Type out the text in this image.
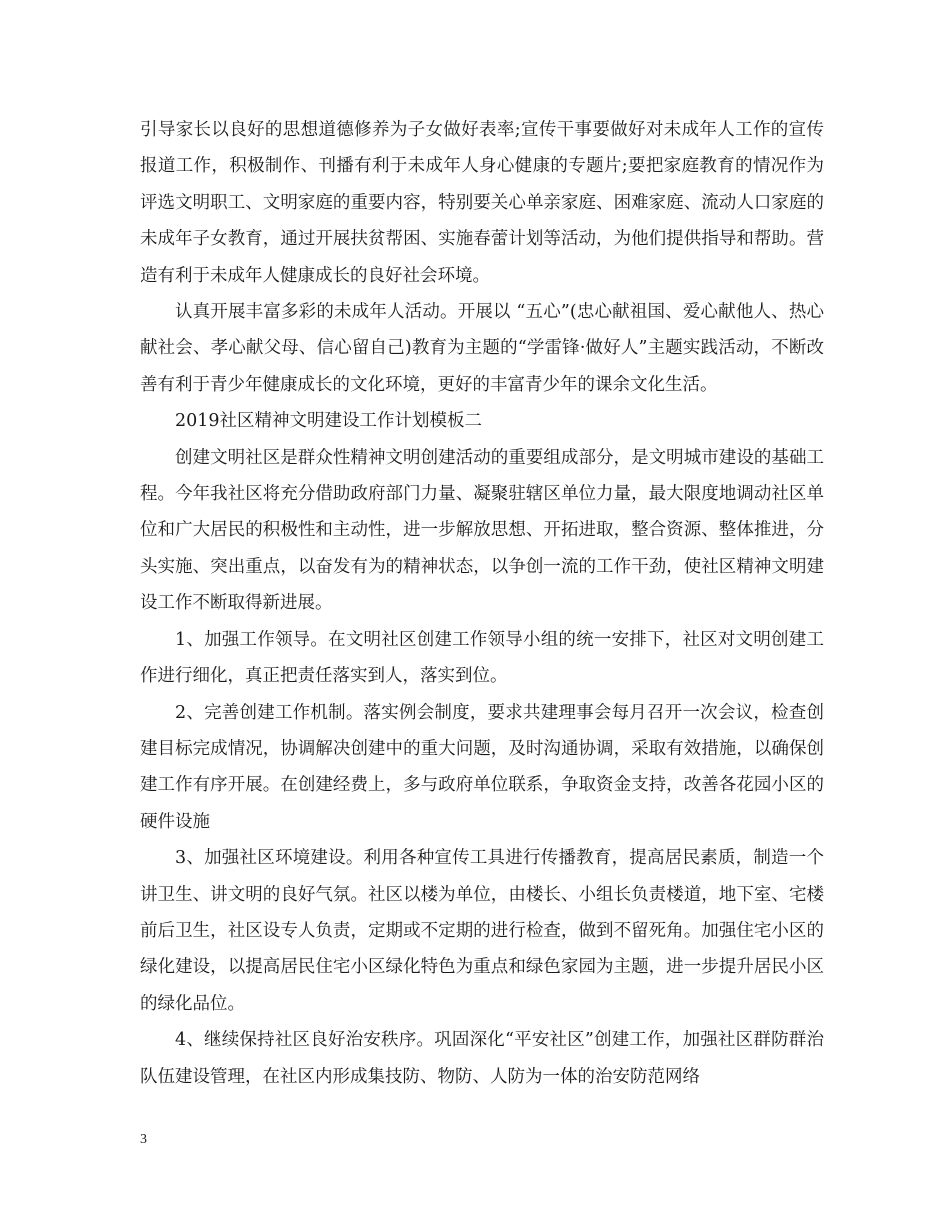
引导家长以良好的思想道德修养为子女做好表率;宣传干事要做好对未成年人工作的宣传报道工作，积极制作、刊播有利于未成年人身心健康的专题片;要把家庭教育的情况作为评选文明职工、文明家庭的重要内容，特别要关心单亲家庭、困难家庭、流动人口家庭的未成年子女教育，通过开展扶贫帮困、实施春蕾计划等活动，为他们提供指导和帮助。营造有利于未成年人健康成长的良好社会环境。

认真开展丰富多彩的未成年人活动。开展以 “五心”(忠心献祖国、爱心献他人、热心献社会、孝心献父母、信心留自己)教育为主题的“学雷锋·做好人”主题实践活动，不断改善有利于青少年健康成长的文化环境，更好的丰富青少年的课余文化生活。

2019社区精神文明建设工作计划模板二

创建文明社区是群众性精神文明创建活动的重要组成部分，是文明城市建设的基础工程。今年我社区将充分借助政府部门力量、凝聚驻辖区单位力量，最大限度地调动社区单位和广大居民的积极性和主动性，进一步解放思想、开拓进取，整合资源、整体推进，分头实施、突出重点，以奋发有为的精神状态，以争创一流的工作干劲，使社区精神文明建设工作不断取得新进展。

1、加强工作领导。在文明社区创建工作领导小组的统一安排下，社区对文明创建工作进行细化，真正把责任落实到人，落实到位。

2、完善创建工作机制。落实例会制度，要求共建理事会每月召开一次会议，检查创建目标完成情况，协调解决创建中的重大问题，及时沟通协调，采取有效措施，以确保创建工作有序开展。在创建经费上，多与政府单位联系，争取资金支持，改善各花园小区的硬件设施

3、加强社区环境建设。利用各种宣传工具进行传播教育，提高居民素质，制造一个讲卫生、讲文明的良好气氛。社区以楼为单位，由楼长、小组长负责楼道，地下室、宅楼前后卫生，社区设专人负责，定期或不定期的进行检查，做到不留死角。加强住宅小区的绿化建设，以提高居民住宅小区绿化特色为重点和绿色家园为主题，进一步提升居民小区的绿化品位。

4、继续保持社区良好治安秩序。巩固深化“平安社区”创建工作，加强社区群防群治队伍建设管理，在社区内形成集技防、物防、人防为一体的治安防范网络

3
